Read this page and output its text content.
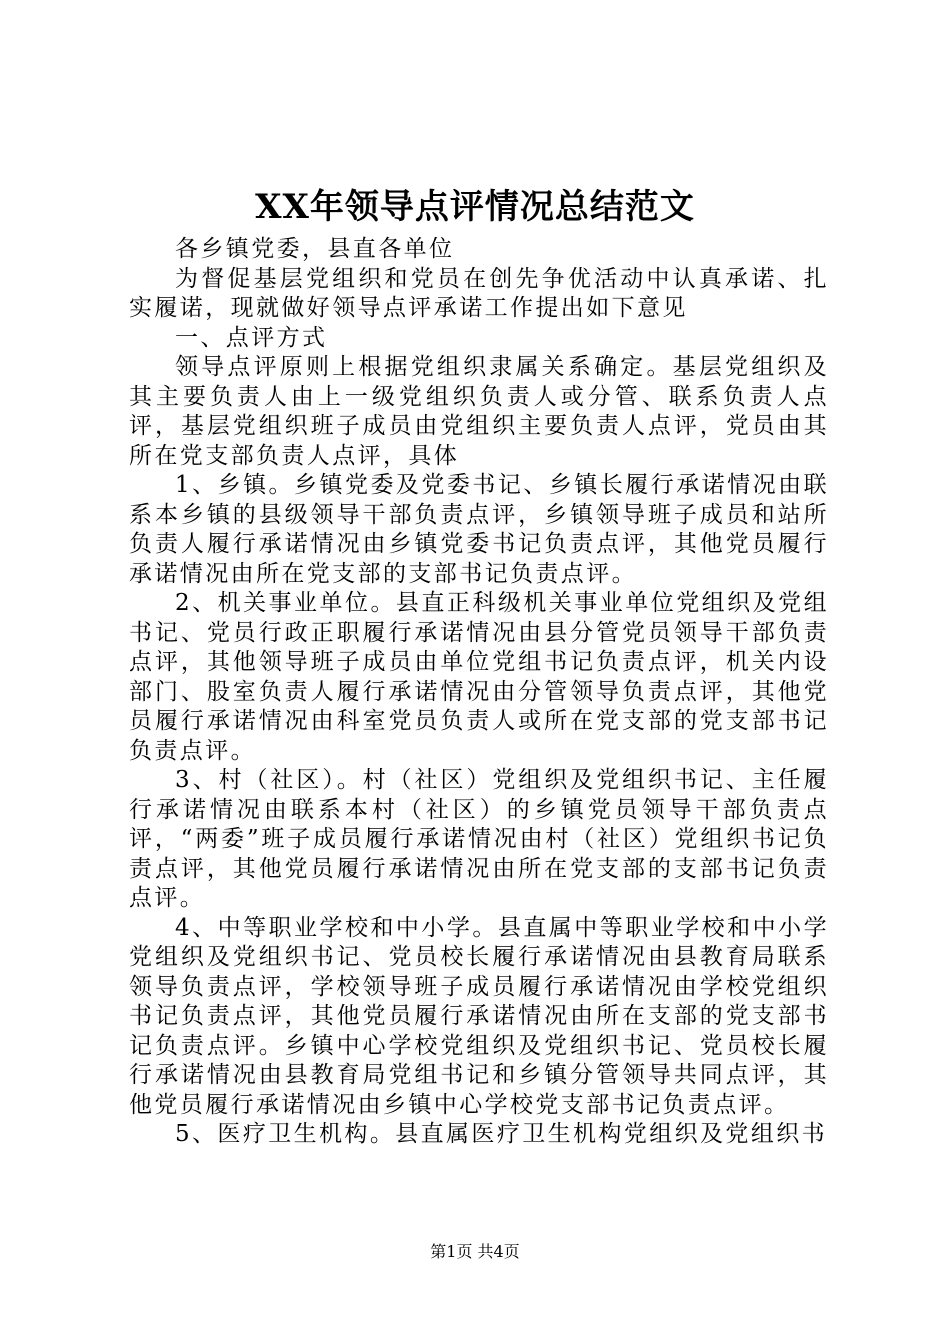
XX年领导点评情况总结范文

各乡镇党委，县直各单位

为督促基层党组织和党员在创先争优活动中认真承诺、扎实履诺，现就做好领导点评承诺工作提出如下意见

一、点评方式

领导点评原则上根据党组织隶属关系确定。基层党组织及其主要负责人由上一级党组织负责人或分管、联系负责人点评，基层党组织班子成员由党组织主要负责人点评，党员由其所在党支部负责人点评，具体

1、乡镇。乡镇党委及党委书记、乡镇长履行承诺情况由联系本乡镇的县级领导干部负责点评，乡镇领导班子成员和站所负责人履行承诺情况由乡镇党委书记负责点评，其他党员履行承诺情况由所在党支部的支部书记负责点评。

2、机关事业单位。县直正科级机关事业单位党组织及党组书记、党员行政正职履行承诺情况由县分管党员领导干部负责点评，其他领导班子成员由单位党组书记负责点评，机关内设部门、股室负责人履行承诺情况由分管领导负责点评，其他党员履行承诺情况由科室党员负责人或所在党支部的党支部书记负责点评。

3、村（社区）。村（社区）党组织及党组织书记、主任履行承诺情况由联系本村（社区）的乡镇党员领导干部负责点评，“两委”班子成员履行承诺情况由村（社区）党组织书记负责点评，其他党员履行承诺情况由所在党支部的支部书记负责点评。

4、中等职业学校和中小学。县直属中等职业学校和中小学党组织及党组织书记、党员校长履行承诺情况由县教育局联系领导负责点评，学校领导班子成员履行承诺情况由学校党组织书记负责点评，其他党员履行承诺情况由所在支部的党支部书记负责点评。乡镇中心学校党组织及党组织书记、党员校长履行承诺情况由县教育局党组书记和乡镇分管领导共同点评，其他党员履行承诺情况由乡镇中心学校党支部书记负责点评。

5、医疗卫生机构。县直属医疗卫生机构党组织及党组织书

第1页 共4页
